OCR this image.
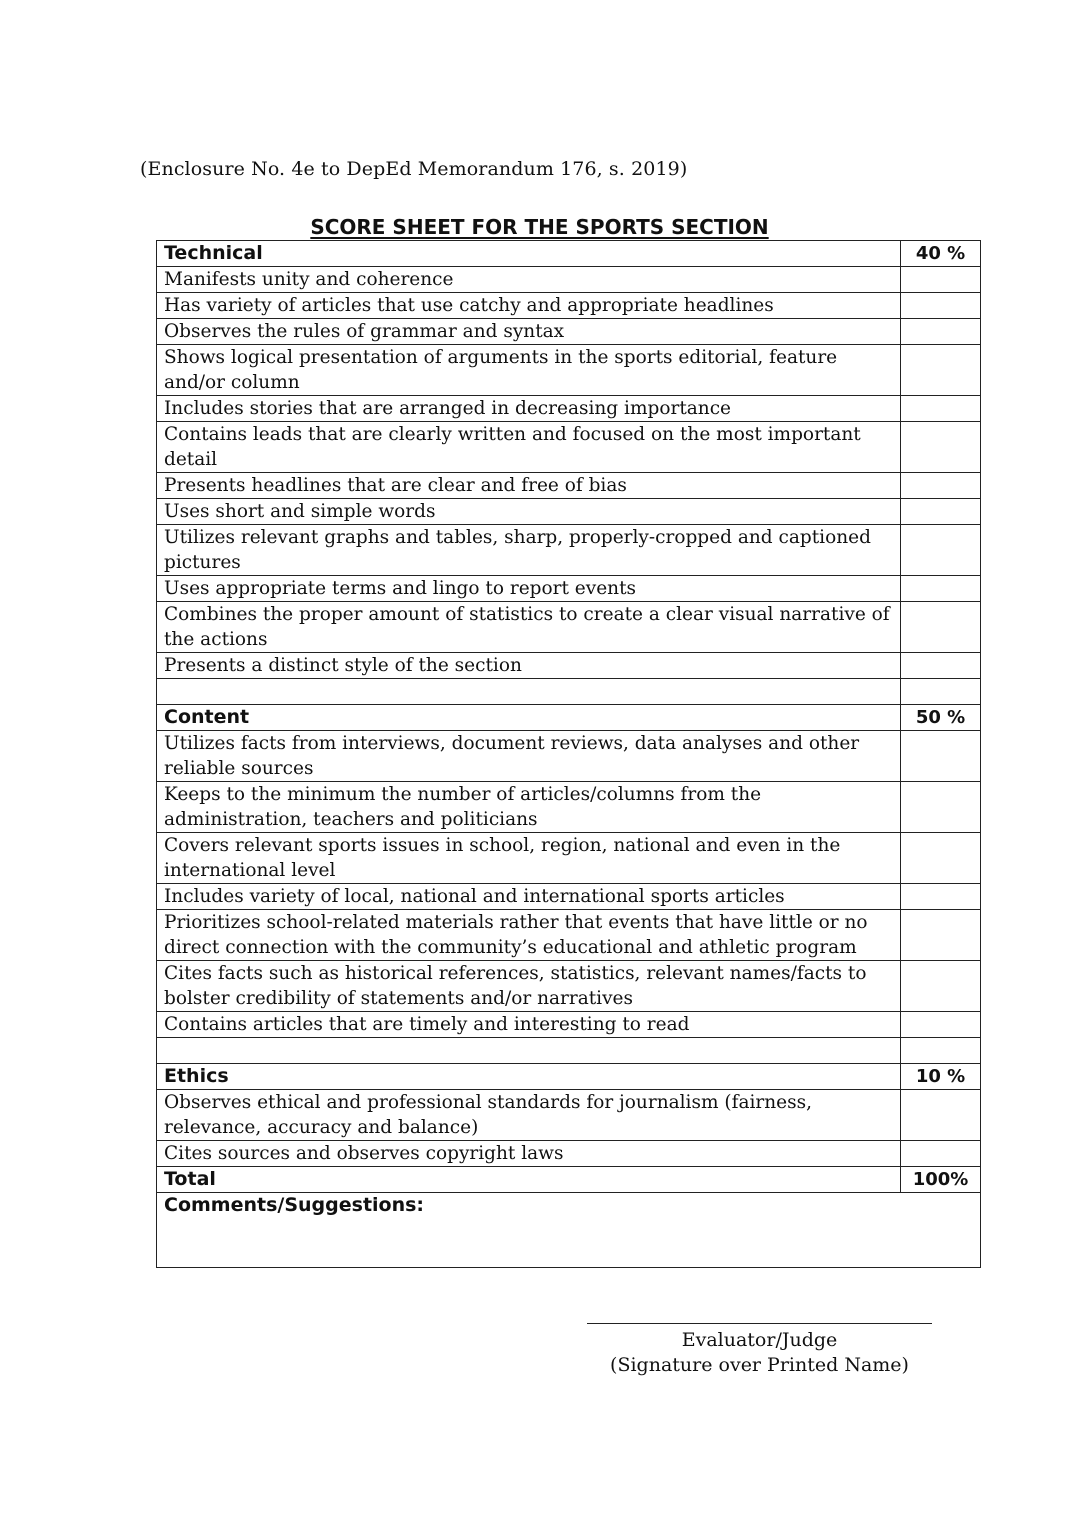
(Enclosure No. 4e to DepEd Memorandum 176, s. 2019)
SCORE SHEET FOR THE SPORTS SECTION
Technical	40 %
Manifests unity and coherence	
Has variety of articles that use catchy and appropriate headlines	
Observes the rules of grammar and syntax	
Shows logical presentation of arguments in the sports editorial, feature and/or column	
Includes stories that are arranged in decreasing importance	
Contains leads that are clearly written and focused on the most important detail	
Presents headlines that are clear and free of bias	
Uses short and simple words	
Utilizes relevant graphs and tables, sharp, properly-cropped and captioned pictures	
Uses appropriate terms and lingo to report events	
Combines the proper amount of statistics to create a clear visual narrative of the actions	
Presents a distinct style of the section	

Content	50 %
Utilizes facts from interviews, document reviews, data analyses and other reliable sources	
Keeps to the minimum the number of articles/columns from the administration, teachers and politicians	
Covers relevant sports issues in school, region, national and even in the international level	
Includes variety of local, national and international sports articles	
Prioritizes school-related materials rather that events that have little or no direct connection with the community’s educational and athletic program	
Cites facts such as historical references, statistics, relevant names/facts to bolster credibility of statements and/or narratives	
Contains articles that are timely and interesting to read	

Ethics	10 %
Observes ethical and professional standards for journalism (fairness, relevance, accuracy and balance)	
Cites sources and observes copyright laws	
Total	100%
Comments/Suggestions:	
Evaluator/Judge
(Signature over Printed Name)
